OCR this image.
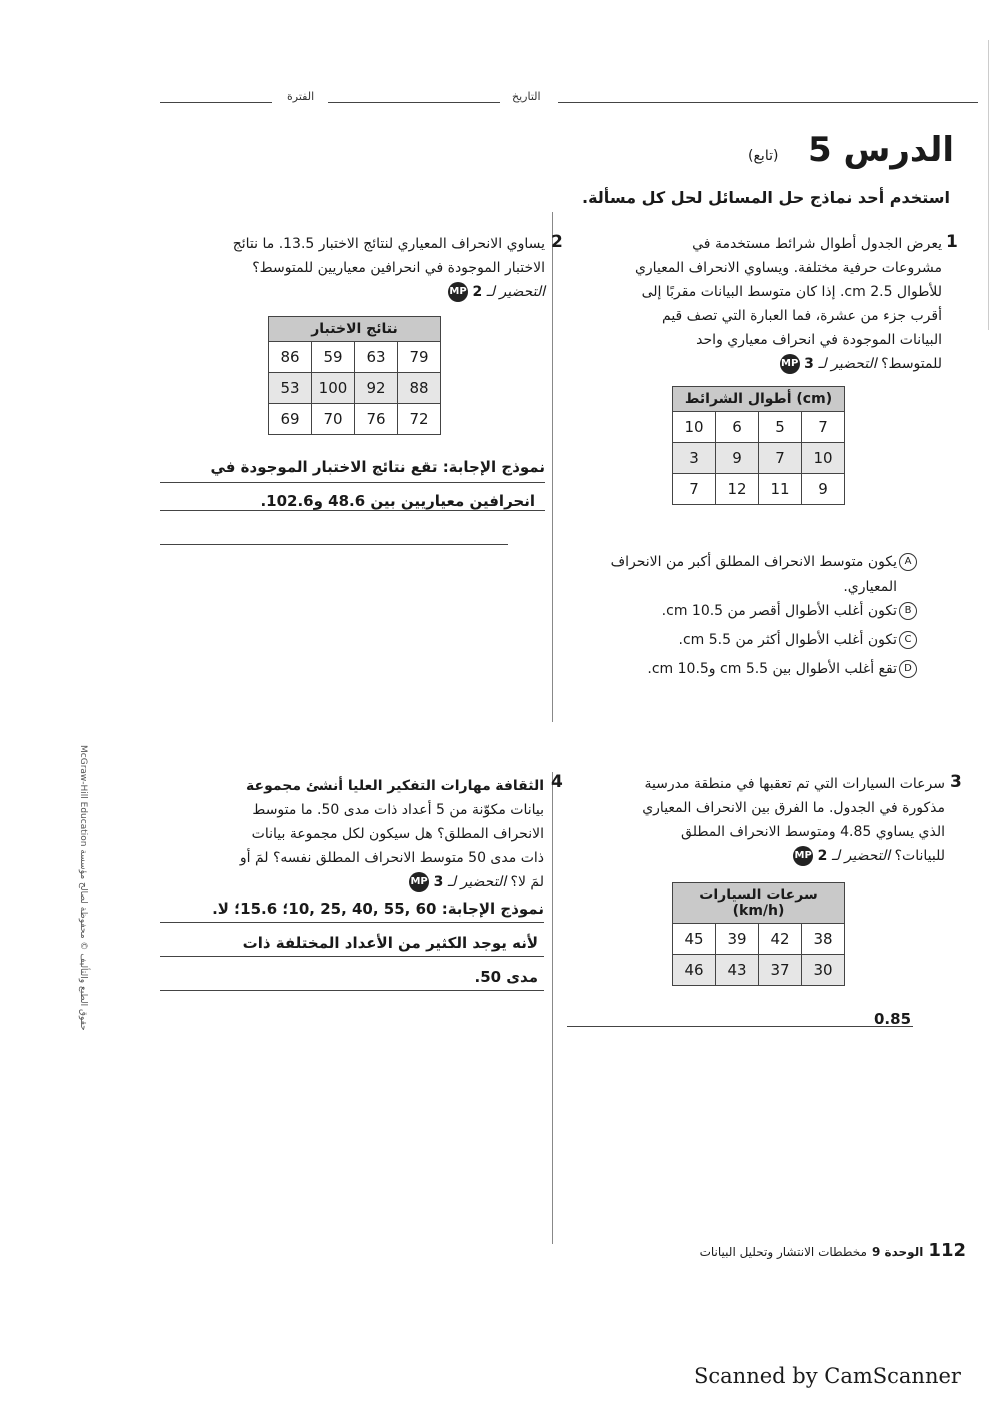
التاريخ
الفترة
الدرس 5
(تابع)
استخدم أحد نماذج حل المسائل لحل كل مسألة.
1
يعرض الجدول أطوال شرائط مستخدمة في
مشروعات حرفية مختلفة. ويساوي الانحراف المعياري
للأطوال 2.5 cm. إذا كان متوسط البيانات مقربًا إلى
أقرب جزء من عشرة، فما العبارة التي تصف قيم
البيانات الموجودة في انحراف معياري واحد
للمتوسط؟ التحضير لـ 3 MP
أطوال الشرائط (cm)			
10	6	5	7
3	9	7	10
7	12	11	9
Aيكون متوسط الانحراف المطلق أكبر من الانحراف
المعياري.
Bتكون أغلب الأطوال أقصر من 10.5 cm.
Cتكون أغلب الأطوال أكثر من 5.5 cm.
Dتقع أغلب الأطوال بين 5.5 cm و10.5 cm.
2
يساوي الانحراف المعياري لنتائج الاختبار 13.5. ما نتائج
الاختبار الموجودة في انحرافين معياريين للمتوسط؟
التحضير لـ 2 MP
نتائج الاختبار			
86	59	63	79
53	100	92	88
69	70	76	72
نموذج الإجابة: تقع نتائج الاختبار الموجودة في
انحرافين معياريين بين 48.6 و102.6.
3
سرعات السيارات التي تم تعقبها في منطقة مدرسية
مذكورة في الجدول. ما الفرق بين الانحراف المعياري
الذي يساوي 4.85 ومتوسط الانحراف المطلق
للبيانات؟ التحضير لـ 2 MP
سرعات السيارات (km/h)			
45	39	42	38
46	43	37	30
0.85
4
الثقافة مهارات التفكير العليا أنشئ مجموعة
بيانات مكوّنة من 5 أعداد ذات مدى 50. ما متوسط
الانحراف المطلق؟ هل سيكون لكل مجموعة بيانات
ذات مدى 50 متوسط الانحراف المطلق نفسه؟ لمَ أو
لمَ لا؟ التحضير لـ 3 MP
نموذج الإجابة: 60 ,55 ,40 ,25 ,10؛ 15.6؛ لا.
لأنه يوجد الكثير من الأعداد المختلفة ذات
مدى 50.
McGraw-Hill Education حقوق الطبع والتأليف © محفوظة لصالح مؤسسة
112 الوحدة 9 مخططات الانتشار وتحليل البيانات
Scanned by CamScanner
